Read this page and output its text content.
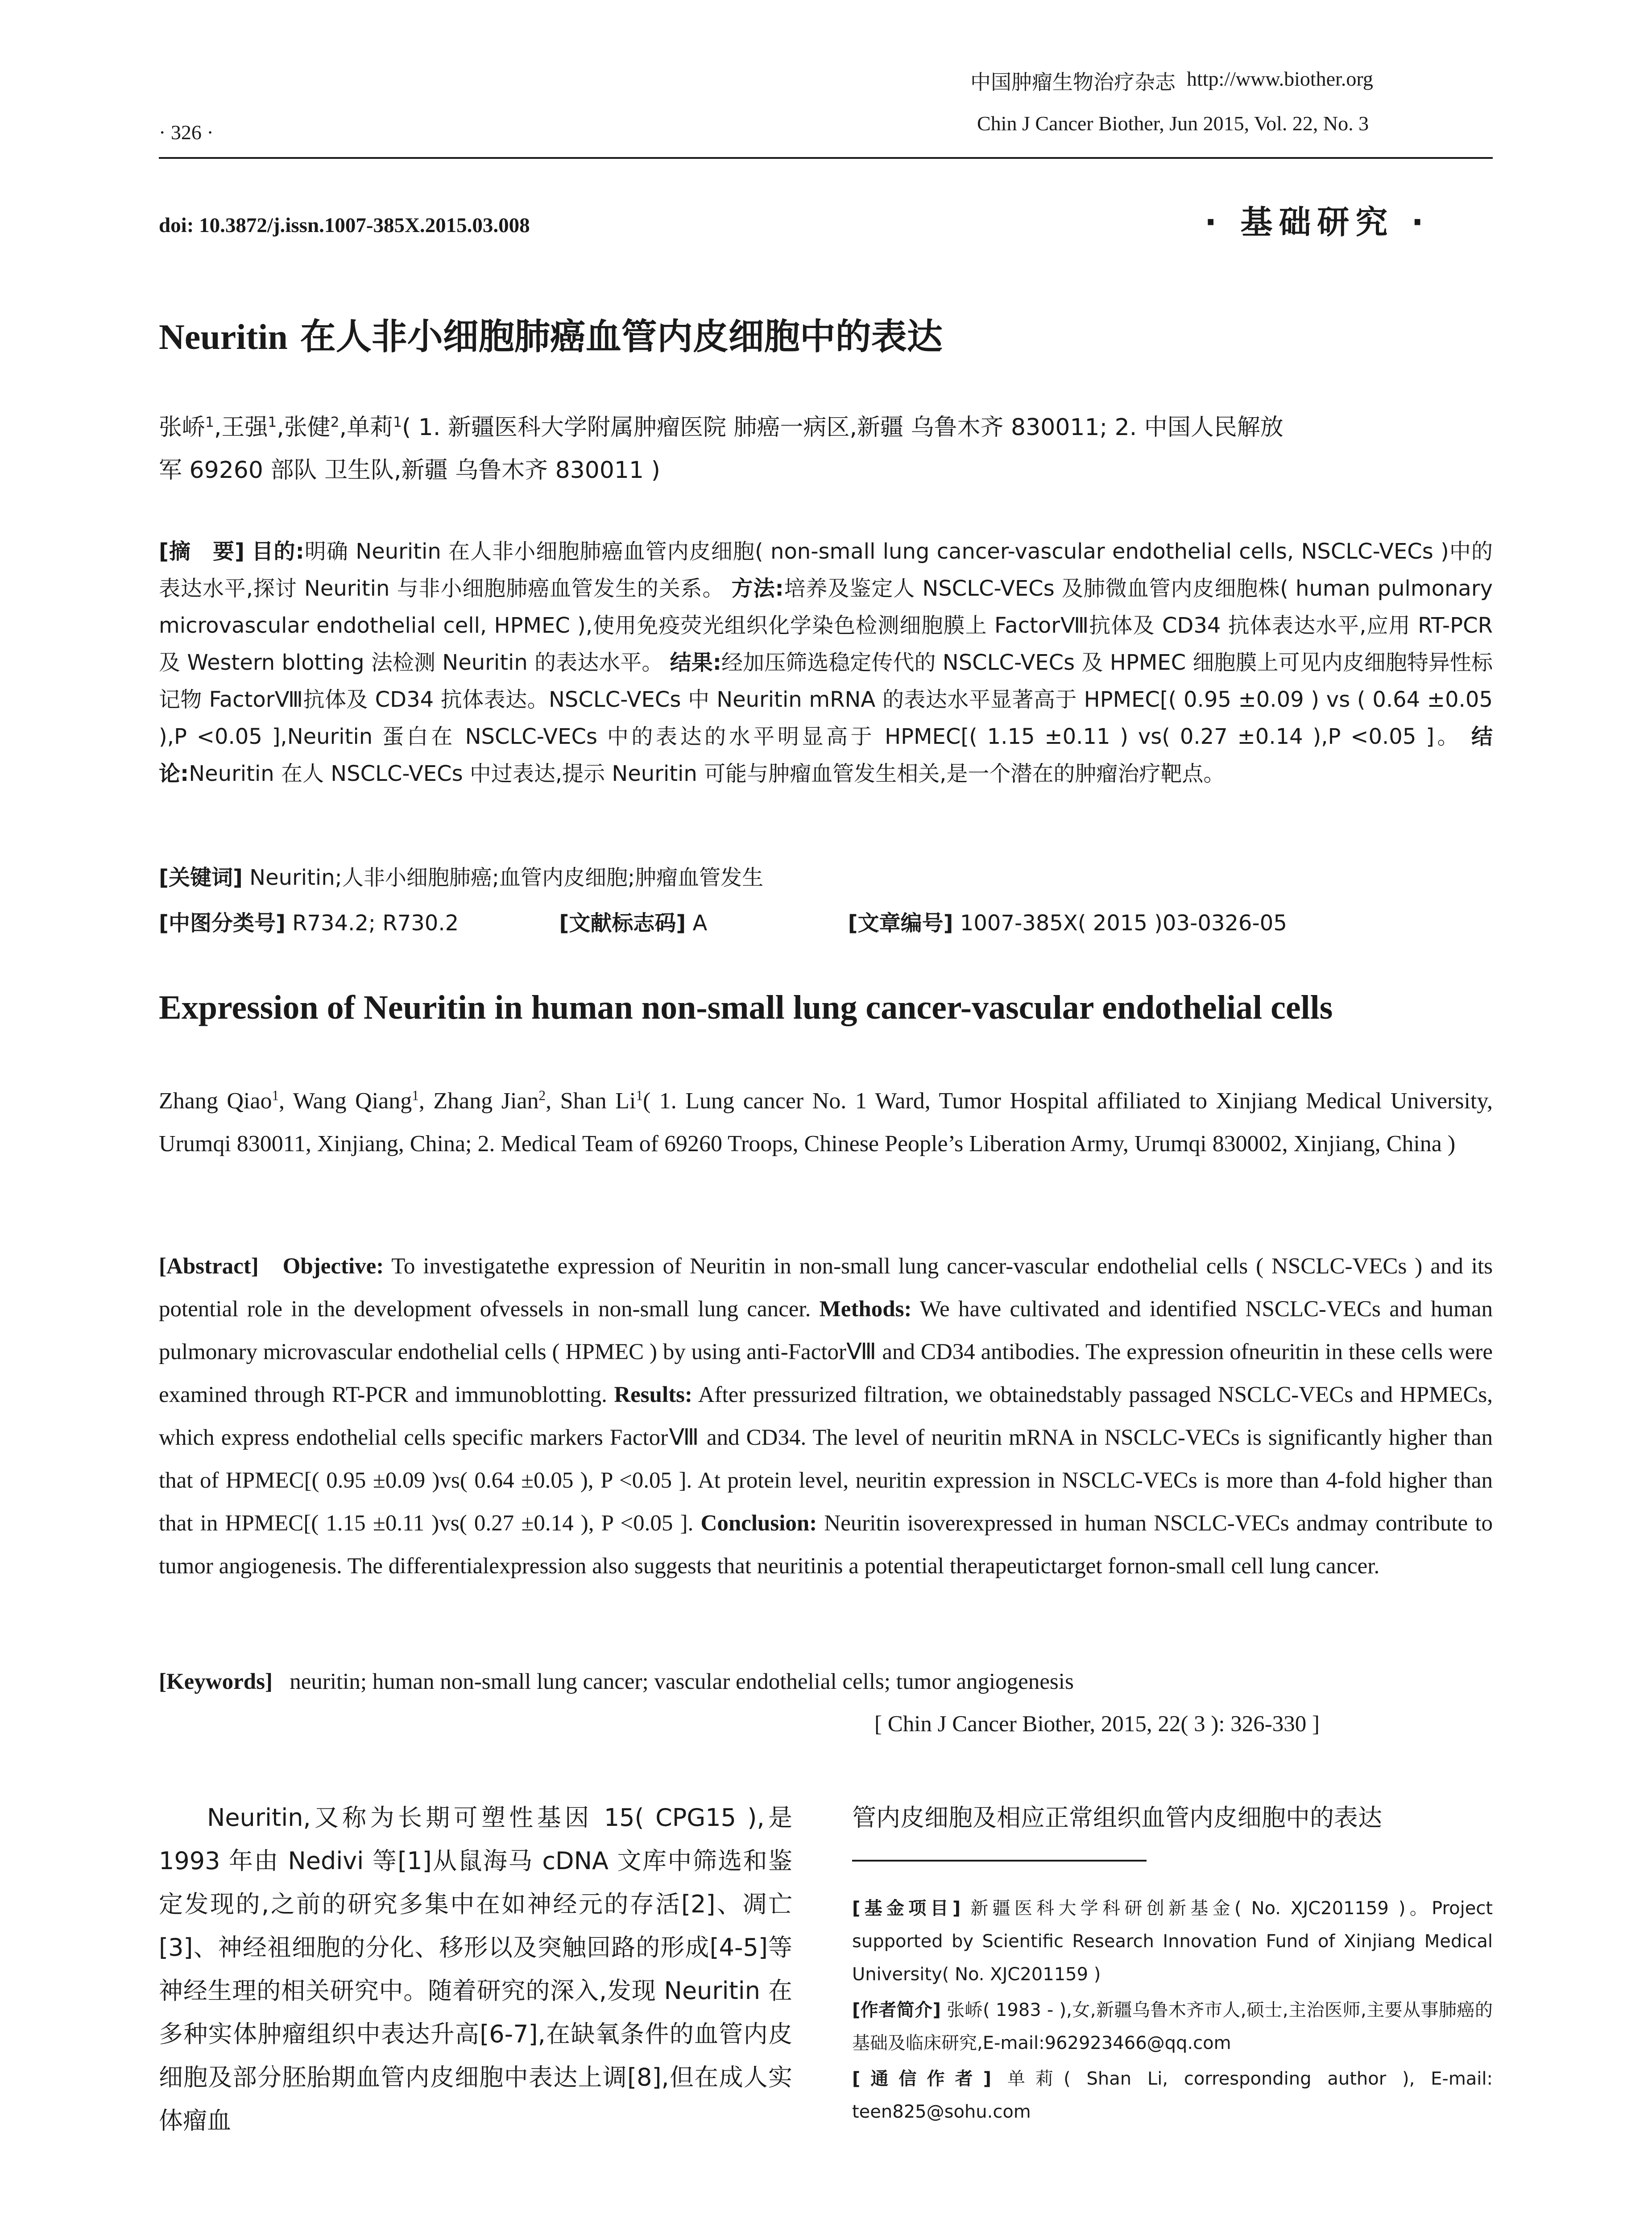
中国肿瘤生物治疗杂志 http://www.biother.org
· 326 ·	Chin J Cancer Biother, Jun 2015, Vol. 22, No. 3
doi: 10.3872/j.issn.1007-385X.2015.03.008	· 基础研究 ·
Neuritin 在人非小细胞肺癌血管内皮细胞中的表达
张峤$^1$,王强$^1$,张健$^2$,单莉$^1$( 1. 新疆医科大学附属肿瘤医院 肺癌一病区,新疆 乌鲁木齐 830011; 2. 中国人民解放
军 69260 部队 卫生队,新疆 乌鲁木齐 830011 )
[摘　要] 目的:明确 Neuritin 在人非小细胞肺癌血管内皮细胞( non-small lung cancer-vascular endothelial cells, NSCLC-VECs )中的表达水平,探讨 Neuritin 与非小细胞肺癌血管发生的关系。 方法:培养及鉴定人 NSCLC-VECs 及肺微血管内皮细胞株( human pulmonary microvascular endothelial cell, HPMEC ),使用免疫荧光组织化学染色检测细胞膜上 FactorⅧ抗体及 CD34 抗体表达水平,应用 RT-PCR 及 Western blotting 法检测 Neuritin 的表达水平。 结果:经加压筛选稳定传代的 NSCLC-VECs 及 HPMEC 细胞膜上可见内皮细胞特异性标记物 FactorⅧ抗体及 CD34 抗体表达。NSCLC-VECs 中 Neuritin mRNA 的表达水平显著高于 HPMEC[( 0.95 ±0.09 ) vs ( 0.64 ±0.05 ),P <0.05 ],Neuritin 蛋白在 NSCLC-VECs 中的表达的水平明显高于 HPMEC[( 1.15 ±0.11 ) vs( 0.27 ±0.14 ),P <0.05 ]。 结论:Neuritin 在人 NSCLC-VECs 中过表达,提示 Neuritin 可能与肿瘤血管发生相关,是一个潜在的肿瘤治疗靶点。
[关键词] Neuritin;人非小细胞肺癌;血管内皮细胞;肿瘤血管发生
[中图分类号] R734.2; R730.2	[文献标志码] A	[文章编号] 1007-385X( 2015 )03-0326-05
Expression of Neuritin in human non-small lung cancer-vascular endothelial cells
Zhang Qiao$^1$, Wang Qiang$^1$, Zhang Jian$^2$, Shan Li$^1$( 1. Lung cancer No. 1 Ward, Tumor Hospital affiliated to Xinjiang Medical University, Urumqi 830011, Xinjiang, China; 2. Medical Team of 69260 Troops, Chinese People’s Liberation Army, Urumqi 830002, Xinjiang, China )
[Abstract] Objective: To investigatethe expression of Neuritin in non-small lung cancer-vascular endothelial cells ( NSCLC-VECs ) and its potential role in the development ofvessels in non-small lung cancer. Methods: We have cultivated and identified NSCLC-VECs and human pulmonary microvascular endothelial cells ( HPMEC ) by using anti-FactorⅧ and CD34 antibodies. The expression ofneuritin in these cells were examined through RT-PCR and immunoblotting. Results: After pressurized filtration, we obtainedstably passaged NSCLC-VECs and HPMECs, which express endothelial cells specific markers FactorⅧ and CD34. The level of neuritin mRNA in NSCLC-VECs is significantly higher than that of HPMEC[( 0.95 ±0.09 )vs( 0.64 ±0.05 ), P <0.05 ]. At protein level, neuritin expression in NSCLC-VECs is more than 4-fold higher than that in HPMEC[( 1.15 ±0.11 )vs( 0.27 ±0.14 ), P <0.05 ]. Conclusion: Neuritin isoverexpressed in human NSCLC-VECs andmay contribute to tumor angiogenesis. The differentialexpression also suggests that neuritinis a potential therapeutictarget fornon-small cell lung cancer.
[Keywords] neuritin; human non-small lung cancer; vascular endothelial cells; tumor angiogenesis
[ Chin J Cancer Biother, 2015, 22( 3 ): 326-330 ]

Neuritin,又称为长期可塑性基因 15( CPG15 ),是 1993 年由 Nedivi 等[1]从鼠海马 cDNA 文库中筛选和鉴定发现的,之前的研究多集中在如神经元的存活[2]、凋亡[3]、神经祖细胞的分化、移形以及突触回路的形成[4-5]等神经生理的相关研究中。随着研究的深入,发现 Neuritin 在多种实体肿瘤组织中表达升高[6-7],在缺氧条件的血管内皮细胞及部分胚胎期血管内皮细胞中表达上调[8],但在成人实体瘤血

管内皮细胞及相应正常组织血管内皮细胞中的表达

[基金项目] 新疆医科大学科研创新基金( No. XJC201159 )。Project supported by Scientific Research Innovation Fund of Xinjiang Medical University( No. XJC201159 )

[作者简介] 张峤( 1983 - ),女,新疆乌鲁木齐市人,硕士,主治医师,主要从事肺癌的基础及临床研究,E-mail:962923466@qq.com

[通信作者] 单莉( Shan Li, corresponding author ), E-mail: teen825@sohu.com
